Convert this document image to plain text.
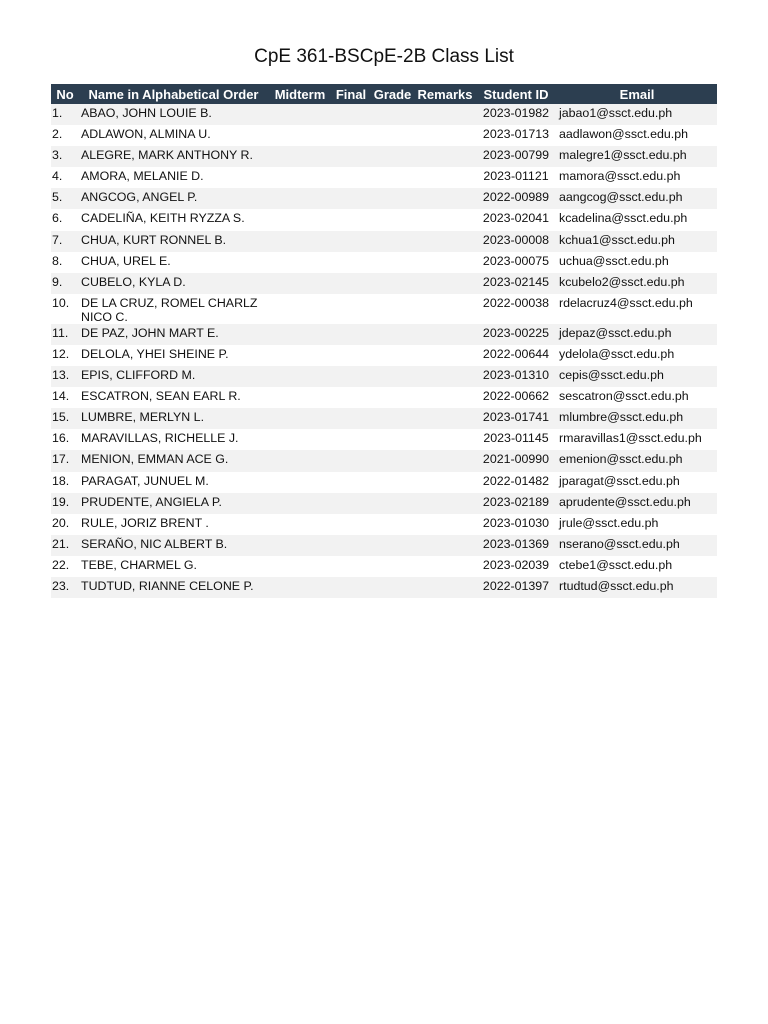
CpE 361-BSCpE-2B Class List
No	Name in Alphabetical Order	Midterm	Final	Grade	Remarks	Student ID	Email
1.	ABAO, JOHN LOUIE B.					2023-01982	jabao1@ssct.edu.ph
2.	ADLAWON, ALMINA U.					2023-01713	aadlawon@ssct.edu.ph
3.	ALEGRE, MARK ANTHONY R.					2023-00799	malegre1@ssct.edu.ph
4.	AMORA, MELANIE D.					2023-01121	mamora@ssct.edu.ph
5.	ANGCOG, ANGEL P.					2022-00989	aangcog@ssct.edu.ph
6.	CADELIÑA, KEITH RYZZA S.					2023-02041	kcadelina@ssct.edu.ph
7.	CHUA, KURT RONNEL B.					2023-00008	kchua1@ssct.edu.ph
8.	CHUA, UREL E.					2023-00075	uchua@ssct.edu.ph
9.	CUBELO, KYLA D.					2023-02145	kcubelo2@ssct.edu.ph
10.	DE LA CRUZ, ROMEL CHARLZ NICO C.					2022-00038	rdelacruz4@ssct.edu.ph
11.	DE PAZ, JOHN MART E.					2023-00225	jdepaz@ssct.edu.ph
12.	DELOLA, YHEI SHEINE P.					2022-00644	ydelola@ssct.edu.ph
13.	EPIS, CLIFFORD M.					2023-01310	cepis@ssct.edu.ph
14.	ESCATRON, SEAN EARL R.					2022-00662	sescatron@ssct.edu.ph
15.	LUMBRE, MERLYN L.					2023-01741	mlumbre@ssct.edu.ph
16.	MARAVILLAS, RICHELLE J.					2023-01145	rmaravillas1@ssct.edu.ph
17.	MENION, EMMAN ACE G.					2021-00990	emenion@ssct.edu.ph
18.	PARAGAT, JUNUEL M.					2022-01482	jparagat@ssct.edu.ph
19.	PRUDENTE, ANGIELA P.					2023-02189	aprudente@ssct.edu.ph
20.	RULE, JORIZ BRENT .					2023-01030	jrule@ssct.edu.ph
21.	SERAÑO, NIC ALBERT B.					2023-01369	nserano@ssct.edu.ph
22.	TEBE, CHARMEL G.					2023-02039	ctebe1@ssct.edu.ph
23.	TUDTUD, RIANNE CELONE P.					2022-01397	rtudtud@ssct.edu.ph
